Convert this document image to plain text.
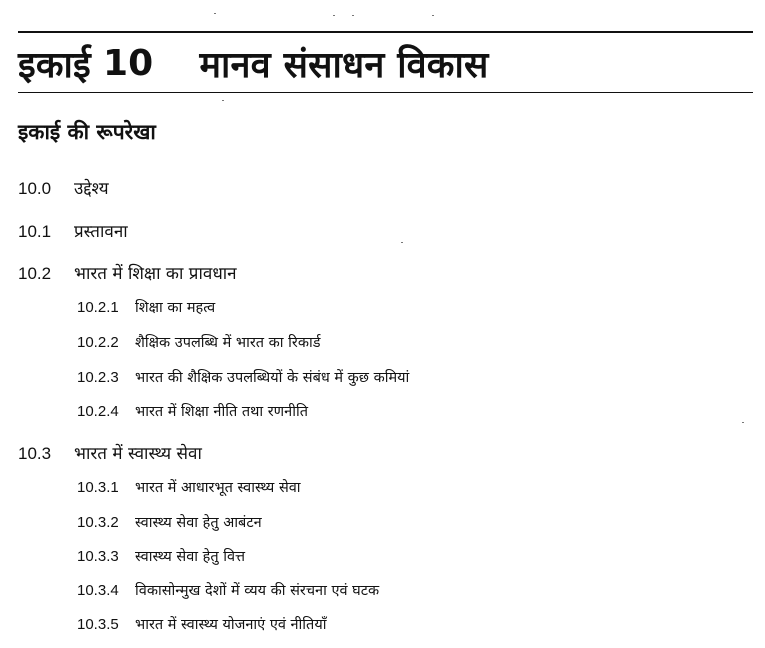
इकाई 10 मानव संसाधन विकास
इकाई की रूपरेखा
10.0	उद्देश्य
10.1	प्रस्तावना
10.2	भारत में शिक्षा का प्रावधान
10.2.1	शिक्षा का महत्व
10.2.2	शैक्षिक उपलब्धि में भारत का रिकार्ड
10.2.3	भारत की शैक्षिक उपलब्धियों के संबंध में कुछ कमियां
10.2.4	भारत में शिक्षा नीति तथा रणनीति
10.3	भारत में स्वास्थ्य सेवा
10.3.1	भारत में आधारभूत स्वास्थ्य सेवा
10.3.2	स्वास्थ्य सेवा हेतु आबंटन
10.3.3	स्वास्थ्य सेवा हेतु वित्त
10.3.4	विकासोन्मुख देशों में व्यय की संरचना एवं घटक
10.3.5	भारत में स्वास्थ्य योजनाएं एवं नीतियाँ
